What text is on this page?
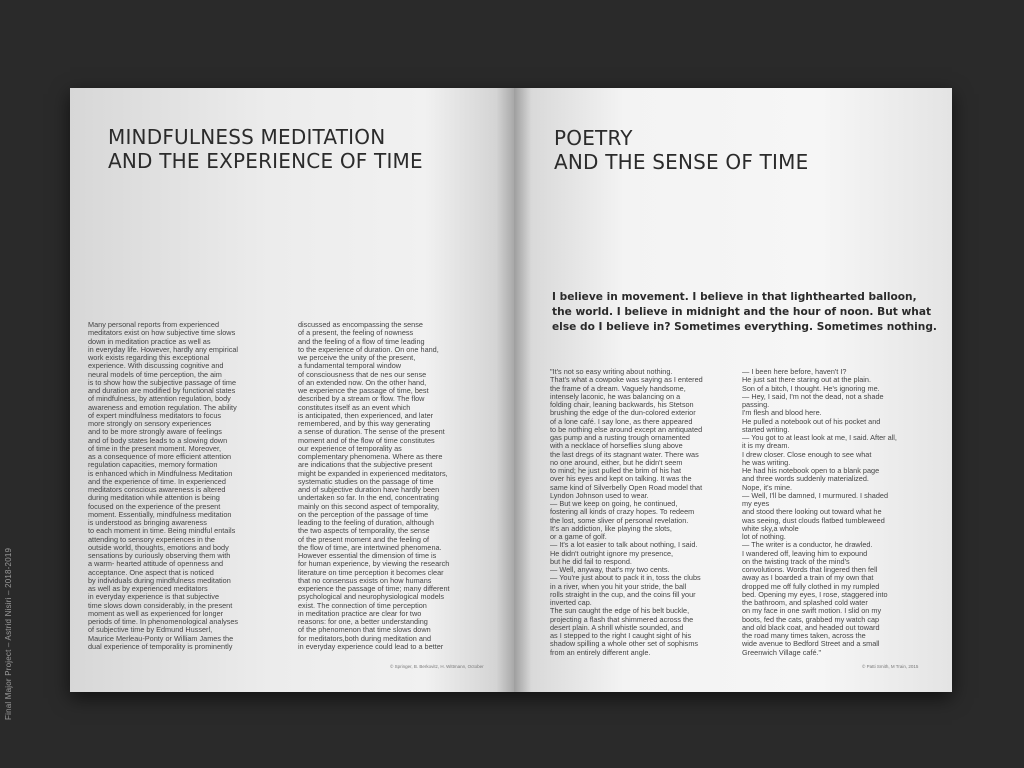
Final Major Project – Astrid Nisiri – 2018-2019
MINDFULNESS MEDITATION
AND THE EXPERIENCE OF TIME
Many personal reports from experienced
meditators exist on how subjective time slows
down in meditation practice as well as
in everyday life. However, hardly any empirical
work exists regarding this exceptional
experience. With discussing cognitive and
neural models of time perception, the aim
is to show how the subjective passage of time
and duration are modified by functional states
of mindfulness, by attention regulation, body
awareness and emotion regulation. The ability
of expert mindfulness meditators to focus
more strongly on sensory experiences
and to be more strongly aware of feelings
and of body states leads to a slowing down
of time in the present moment. Moreover,
as a consequence of more efficient attention
regulation capacities, memory formation
is enhanced which in Mindfulness Meditation
and the experience of time. In experienced
meditators conscious awareness is altered
during meditation while attention is being
focused on the experience of the present
moment. Essentially, mindfulness meditation
is understood as bringing awareness
to each moment in time. Being mindful entails
attending to sensory experiences in the
outside world, thoughts, emotions and body
sensations by curiously observing them with
a warm- hearted attitude of openness and
acceptance. One aspect that is noticed
by individuals during mindfulness meditation
as well as by experienced meditators
in everyday experience is that subjective
time slows down considerably, in the present
moment as well as experienced for longer
periods of time. In phenomenological analyses
of subjective time by Edmund Husserl,
Maurice Merleau-Ponty or William James the
dual experience of temporality is prominently
discussed as encompassing the sense
of a present, the feeling of nowness
and the feeling of a flow of time leading
to the experience of duration. On one hand,
we perceive the unity of the present,
a fundamental temporal window
of consciousness that de nes our sense
of an extended now. On the other hand,
we experience the passage of time, best
described by a stream or flow. The flow
constitutes itself as an event which
is anticipated, then experienced, and later
remembered, and by this way generating
a sense of duration. The sense of the present
moment and of the flow of time constitutes
our experience of temporality as
complementary phenomena. Where as there
are indications that the subjective present
might be expanded in experienced meditators,
systematic studies on the passage of time
and of subjective duration have hardly been
undertaken so far. In the end, concentrating
mainly on this second aspect of temporality,
on the perception of the passage of time
leading to the feeling of duration, although
the two aspects of temporality, the sense
of the present moment and the feeling of
the flow of time, are intertwined phenomena.
However essential the dimension of time is
for human experience, by viewing the research
literature on time perception it becomes clear
that no consensus exists on how humans
experience the passage of time; many different
psychological and neurophysiological models
exist. The connection of time perception
in meditation practice are clear for two
reasons: for one, a better understanding
of the phenomenon that time slows down
for meditators,both during meditation and
in everyday experience could lead to a better
© Springer, B. Berkovitz, H. Wittmann, October
POETRY
AND THE SENSE OF TIME
I believe in movement. I believe in that lighthearted balloon,
the world. I believe in midnight and the hour of noon. But what
else do I believe in? Sometimes everything. Sometimes nothing.
"It's not so easy writing about nothing.
That's what a cowpoke was saying as I entered
the frame of a dream. Vaguely handsome,
intensely laconic, he was balancing on a
folding chair, leaning backwards, his Stetson
brushing the edge of the dun-colored exterior
of a lone café. I say lone, as there appeared
to be nothing else around except an antiquated
gas pump and a rusting trough ornamented
with a necklace of horseflies slung above
the last dregs of its stagnant water. There was
no one around, either, but he didn't seem
to mind; he just pulled the brim of his hat
over his eyes and kept on talking. It was the
same kind of Silverbelly Open Road model that
Lyndon Johnson used to wear.
— But we keep on going, he continued,
fostering all kinds of crazy hopes. To redeem
the lost, some sliver of personal revelation.
It's an addiction, like playing the slots,
or a game of golf.
— It's a lot easier to talk about nothing, I said.
He didn't outright ignore my presence,
but he did fail to respond.
— Well, anyway, that's my two cents.
— You're just about to pack it in, toss the clubs
in a river, when you hit your stride, the ball
rolls straight in the cup, and the coins fill your
inverted cap.
The sun caught the edge of his belt buckle,
projecting a flash that shimmered across the
desert plain. A shrill whistle sounded, and
as I stepped to the right I caught sight of his
shadow spilling a whole other set of sophisms
from an entirely different angle.
— I been here before, haven't I?
He just sat there staring out at the plain.
Son of a bitch, I thought. He's ignoring me.
— Hey, I said, I'm not the dead, not a shade
passing.
I'm flesh and blood here.
He pulled a notebook out of his pocket and
started writing.
— You got to at least look at me, I said. After all,
it is my dream.
I drew closer. Close enough to see what
he was writing.
He had his notebook open to a blank page
and three words suddenly materialized.
Nope, it's mine.
— Well, I'll be damned, I murmured. I shaded
my eyes
and stood there looking out toward what he
was seeing, dust clouds flatbed tumbleweed
white sky,a whole
lot of nothing.
— The writer is a conductor, he drawled.
I wandered off, leaving him to expound
on the twisting track of the mind's
convolutions. Words that lingered then fell
away as I boarded a train of my own that
dropped me off fully clothed in my rumpled
bed. Opening my eyes, I rose, staggered into
the bathroom, and splashed cold water
on my face in one swift motion. I slid on my
boots, fed the cats, grabbed my watch cap
and old black coat, and headed out toward
the road many times taken, across the
wide avenue to Bedford Street and a small
Greenwich Village café."
© Patti Smith, M Train, 2015
